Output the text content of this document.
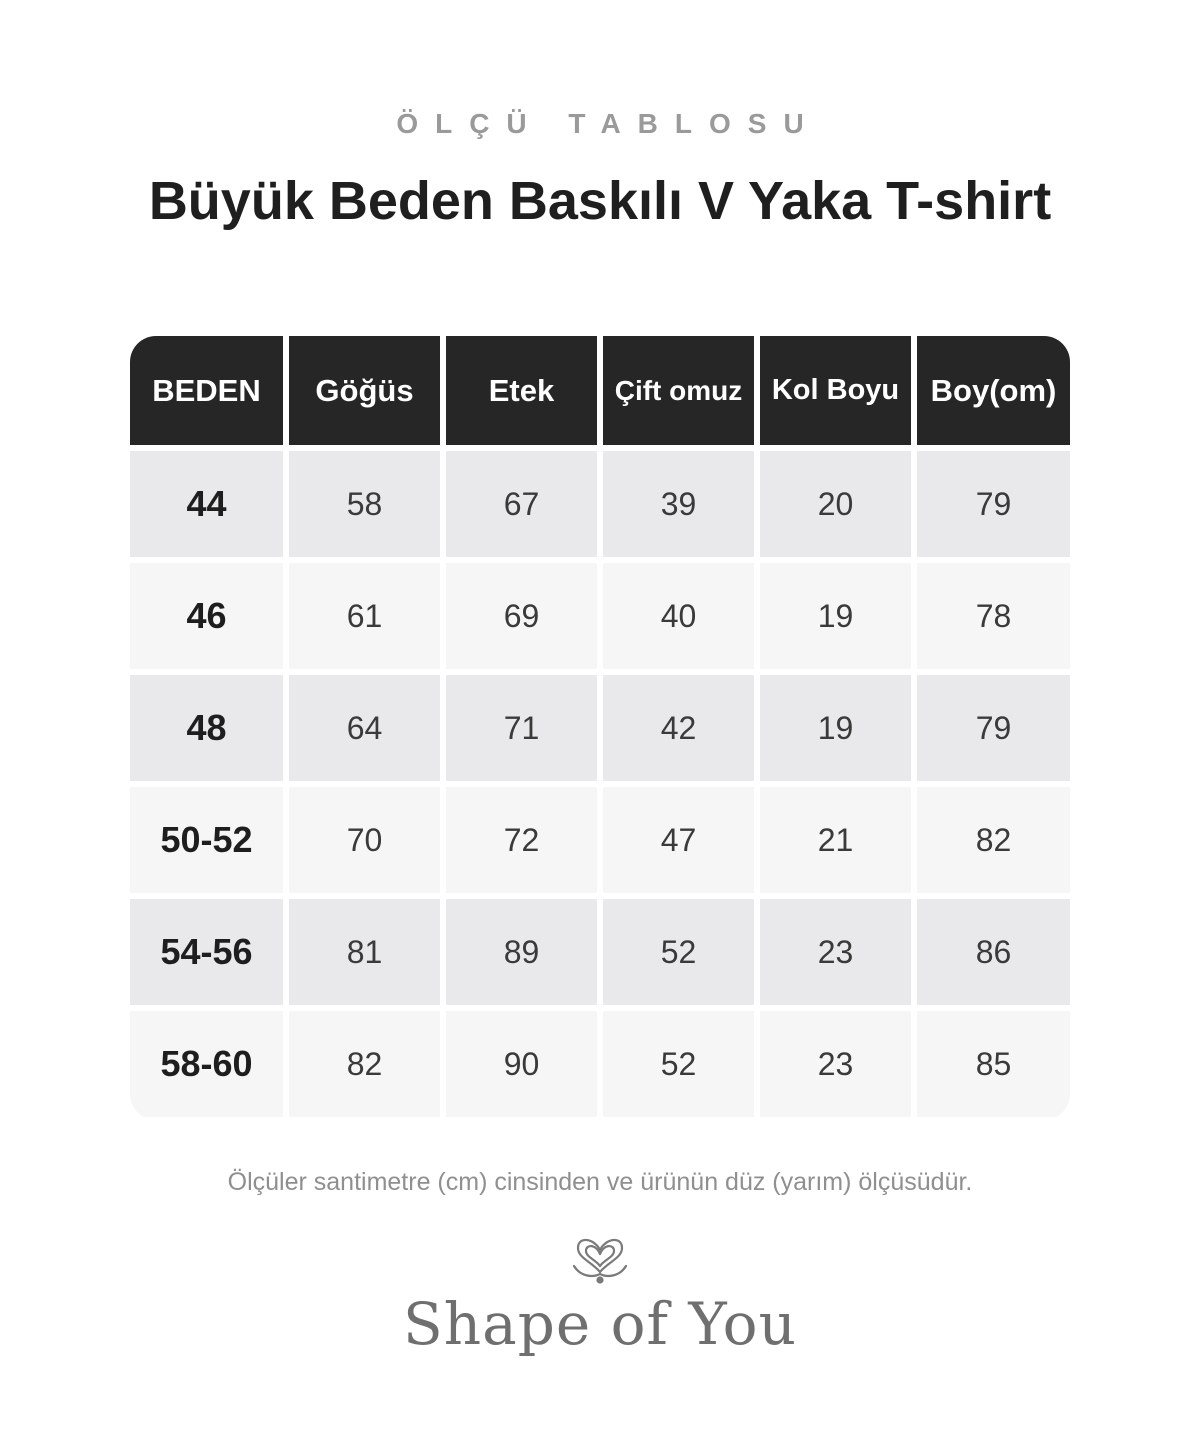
ÖLÇÜ TABLOSU
Büyük Beden Baskılı V Yaka T-shirt
BEDEN	Göğüs	Etek	Çift omuz	Kol Boyu	Boy(om)
44	58	67	39	20	79
46	61	69	40	19	78
48	64	71	42	19	79
50-52	70	72	47	21	82
54-56	81	89	52	23	86
58-60	82	90	52	23	85
Ölçüler santimetre (cm) cinsinden ve ürünün düz (yarım) ölçüsüdür.
Shape of You
